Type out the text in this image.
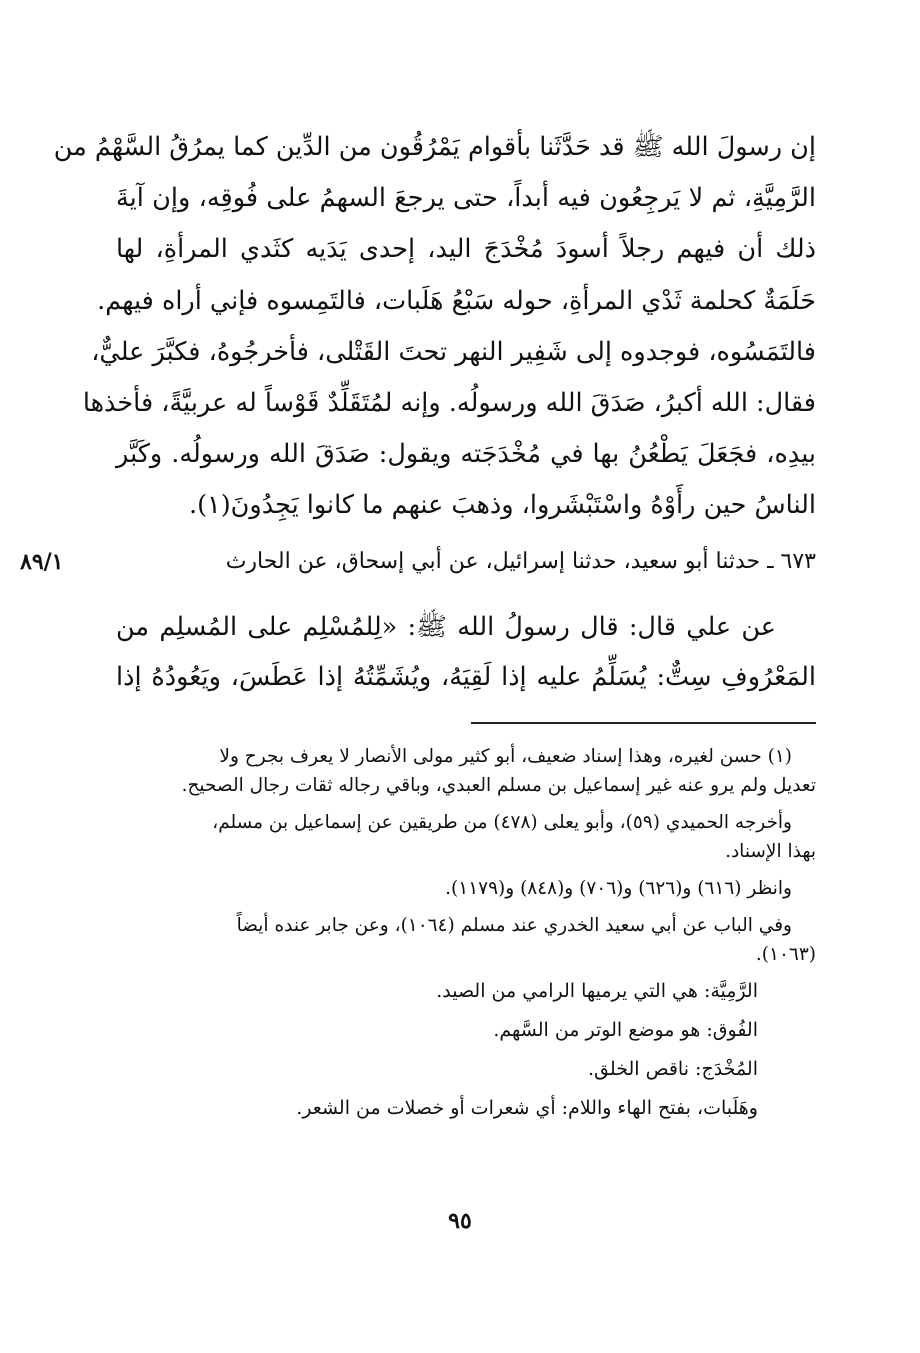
إن رسولَ الله ﷺ قد حَدَّثَنا بأقوام يَمْرُقُون من الدِّين كما يمرُقُ السَّهْمُ من
الرَّمِيَّةِ، ثم لا يَرجِعُون فيه أبداً، حتى يرجعَ السهمُ على فُوقِه، وإن آيةَ
ذلك أن فيهم رجلاً أسودَ مُخْدَجَ اليد، إحدى يَدَيه كثَدي المرأةِ، لها
حَلَمَةٌ كحلمة ثَدْي المرأةِ، حوله سَبْعُ هَلَبات، فالتَمِسوه فإني أراه فيهم.
فالتَمَسُوه، فوجدوه إلى شَفِير النهر تحتَ القَتْلى، فأخرجُوهُ، فكبَّرَ عليٌّ،
فقال: الله أكبرُ، صَدَقَ الله ورسولُه. وإنه لمُتَقَلِّدٌ قَوْساً له عربيَّةً، فأخذها
بيدِه، فجَعَلَ يَطْعُنُ بها في مُخْدَجَته ويقول: صَدَقَ الله ورسولُه. وكَبَّر
الناسُ حين رأَوْهُ واسْتَبْشَروا، وذهبَ عنهم ما كانوا يَجِدُونَ(١).
٦٧٣ ـ حدثنا أبو سعيد، حدثنا إسرائيل، عن أبي إسحاق، عن الحارث
٨٩/١
عن علي قال: قال رسولُ الله ﷺ: «لِلمُسْلِم على المُسلِم من
المَعْرُوفِ سِتٌّ: يُسَلِّمُ عليه إذا لَقِيَهُ، ويُشَمِّتُهُ إذا عَطَسَ، ويَعُودُهُ إذا

(١) حسن لغيره، وهذا إسناد ضعيف، أبو كثير مولى الأنصار لا يعرف بجرح ولا
تعديل ولم يرو عنه غير إسماعيل بن مسلم العبدي، وباقي رجاله ثقات رجال الصحيح.

وأخرجه الحميدي (٥٩)، وأبو يعلى (٤٧٨) من طريقين عن إسماعيل بن مسلم،
بهذا الإسناد.

وانظر (٦١٦) و(٦٢٦) و(٧٠٦) و(٨٤٨) و(١١٧٩).

وفي الباب عن أبي سعيد الخدري عند مسلم (١٠٦٤)، وعن جابر عنده أيضاً
(١٠٦٣).

الرَّمِيَّة: هي التي يرميها الرامي من الصيد.

الفُوق: هو موضع الوتر من السَّهم.

المُخْدَج: ناقص الخلق.

وهَلَبات، بفتح الهاء واللام: أي شعرات أو خصلات من الشعر.

٩٥
